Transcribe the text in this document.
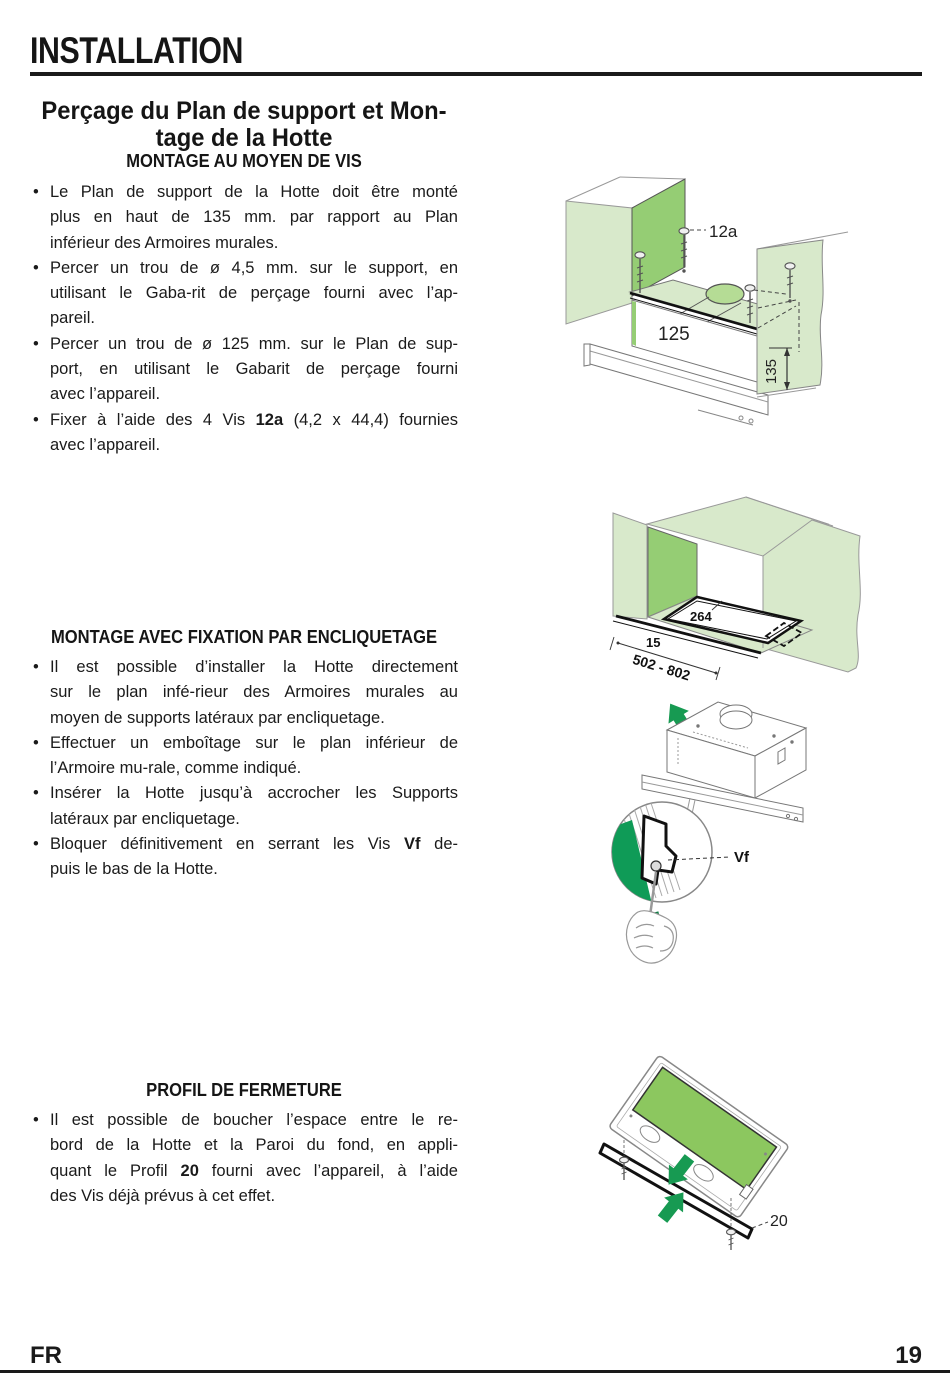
INSTALLATION
Perçage du Plan de support et Mon-
tage de la Hotte
MONTAGE AU MOYEN DE VIS
• Le Plan de support de la Hotte doit être monté
plus en haut de 135 mm. par rapport au Plan
inférieur des Armoires murales.
• Percer un trou de ø 4,5 mm. sur le support, en
utilisant le Gaba-rit de perçage fourni avec l’ap-
pareil.
• Percer un trou de ø 125 mm. sur le Plan de sup-
port, en utilisant le Gabarit de perçage fourni
avec l’appareil.
• Fixer à l’aide des 4 Vis 12a (4,2 x 44,4) fournies
avec l’appareil.
MONTAGE AVEC FIXATION PAR ENCLIQUETAGE
• Il est possible d’installer la Hotte directement
sur le plan infé-rieur des Armoires murales au
moyen de supports latéraux par encliquetage.
• Effectuer un emboîtage sur le plan inférieur de
l’Armoire mu-rale, comme indiqué.
• Insérer la Hotte jusqu’à accrocher les Supports
latéraux par encliquetage.
• Bloquer définitivement en serrant les Vis Vf de-
puis le bas de la Hotte.
PROFIL DE FERMETURE
• Il est possible de boucher l’espace entre le re-
bord de la Hotte et la Paroi du fond, en appli-
quant le Profil 20 fourni avec l’appareil, à l’aide
des Vis déjà prévus à cet effet.
12a
125
135
264
15
502 - 802
Vf
20
FR	19
